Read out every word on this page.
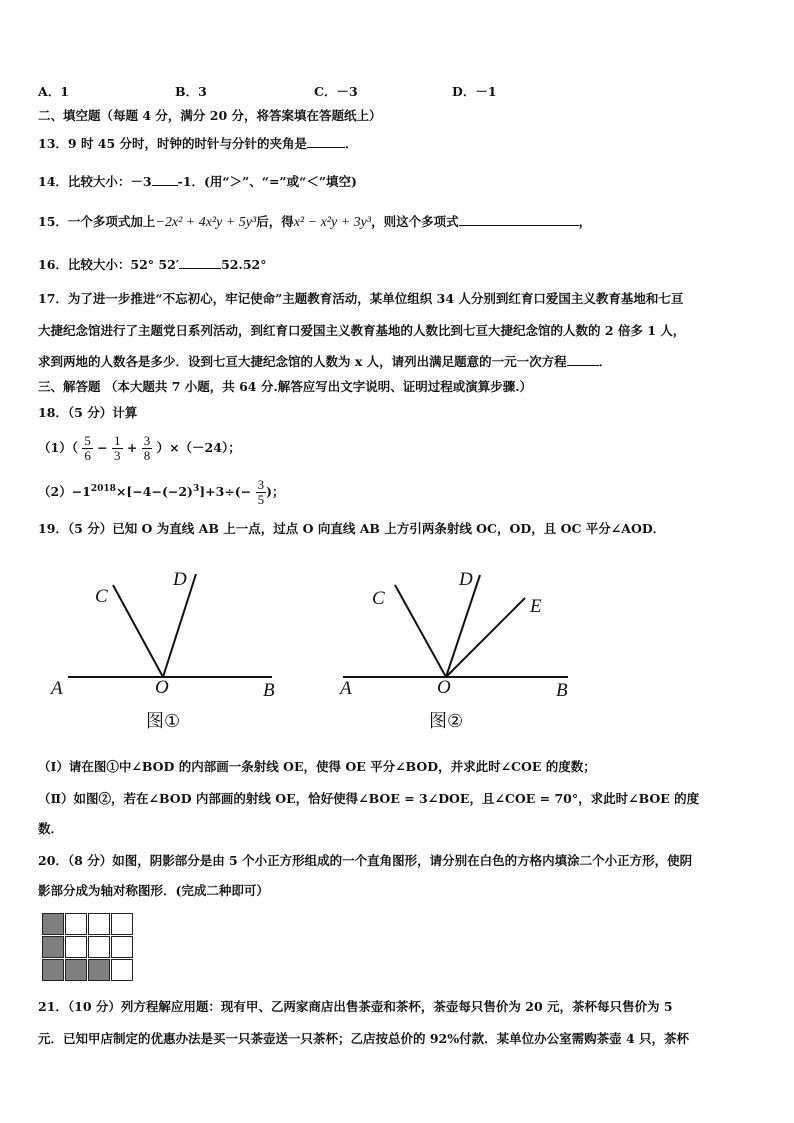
A．1	B．3	C．－3	D．－1
二、填空题（每题 4 分，满分 20 分，将答案填在答题纸上）
13．9 时 45 分时，时钟的时针与分针的夹角是	．
14．比较大小：－3 -1．(用“＞”、“=”或“＜”填空)
15．一个多项式加上−2x² + 4x²y + 5y³后，得x² − x²y + 3y³，则这个多项式	，
16．比较大小：52° 52′	52.52°
17．为了进一步推进“不忘初心，牢记使命”主题教育活动，某单位组织 34 人分别到红育口爱国主义教育基地和七亘
大捷纪念馆进行了主题党日系列活动，到红育口爱国主义教育基地的人数比到七亘大捷纪念馆的人数的 2 倍多 1 人，
求到两地的人数各是多少．设到七亘大捷纪念馆的人数为 x 人，请列出满足题意的一元一次方程	．
三、解答题 （本大题共 7 小题，共 64 分.解答应写出文字说明、证明过程或演算步骤.）
18．（5 分）计算
$(1)( \frac{5}{6} - \frac{1}{3} + \frac{3}{8} )\times(-24)$；
$(2)-1^{2018}\times[-4-(-2)^3]+3\div(- \frac{3}{5}$ )；
19．（5 分）已知 O 为直线 AB 上一点，过点 O 向直线 AB 上方引两条射线 OC，OD，且 OC 平分∠AOD．
A	O	B
C
D
图①
A	O	B
C
D
E
图②
（Ⅰ）请在图①中∠BOD 的内部画一条射线 OE，使得 OE 平分∠BOD，并求此时∠COE 的度数；
（Ⅱ）如图②，若在∠BOD 内部画的射线 OE，恰好使得∠BOE = 3∠DOE，且∠COE = 70°，求此时∠BOE 的度
数．
20．（8 分）如图，阴影部分是由 5 个小正方形组成的一个直角图形，请分别在白色的方格内填涂二个小正方形，使阴
影部分成为轴对称图形．(完成二种即可）
21．（10 分）列方程解应用题：现有甲、乙两家商店出售茶壶和茶杯，茶壶每只售价为 20 元，茶杯每只售价为 5
元．已知甲店制定的优惠办法是买一只茶壶送一只茶杯；乙店按总价的 92%付款．某单位办公室需购茶壶 4 只，茶杯
